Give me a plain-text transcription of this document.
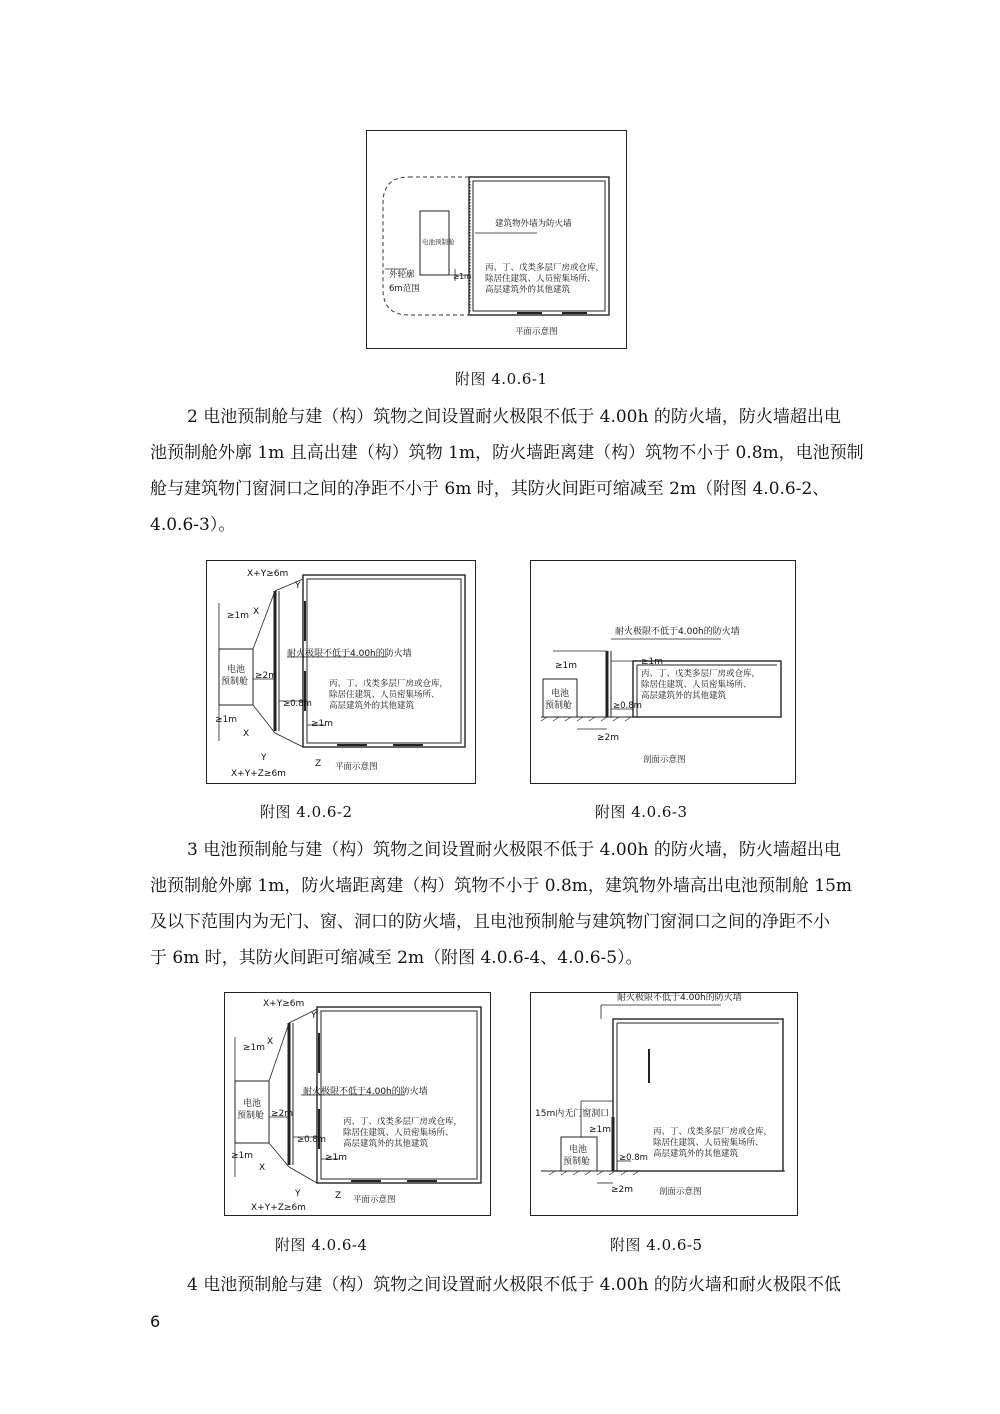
建筑物外墙为防火墙
丙、丁、戊类多层厂房或仓库，
除居住建筑、人员密集场所、
高层建筑外的其他建筑
电池预制舱
外轮廓
6m范围
≥1m
平面示意图
附图 4.0.6-1

2 电池预制舱与建（构）筑物之间设置耐火极限不低于 4.00h 的防火墙，防火墙超出电
池预制舱外廓 1m 且高出建（构）筑物 1m，防火墙距离建（构）筑物不小于 0.8m，电池预制
舱与建筑物门窗洞口之间的净距不小于 6m 时，其防火间距可缩减至 2m（附图 4.0.6-2、
4.0.6-3）。

X+Y≥6m
Y
X
≥1m
电池
预制舱
≥2m
耐火极限不低于4.00h的防火墙
丙、丁、戊类多层厂房或仓库，
除居住建筑、人员密集场所、
高层建筑外的其他建筑
≥0.8m
≥1m
≥1m
X
Y
Z 平面示意图
X+Y+Z≥6m
附图 4.0.6-2
耐火极限不低于4.00h的防火墙
≥1m	≥1m
丙、丁、戊类多层厂房或仓库，
除居住建筑、人员密集场所、
高层建筑外的其他建筑
电池
预制舱	≥0.8m
≥2m
剖面示意图
附图 4.0.6-3

3 电池预制舱与建（构）筑物之间设置耐火极限不低于 4.00h 的防火墙，防火墙超出电
池预制舱外廓 1m，防火墙距离建（构）筑物不小于 0.8m，建筑物外墙高出电池预制舱 15m
及以下范围内为无门、窗、洞口的防火墙，且电池预制舱与建筑物门窗洞口之间的净距不小
于 6m 时，其防火间距可缩减至 2m（附图 4.0.6-4、4.0.6-5）。

X+Y≥6m
Y
X
≥1m
电池
预制舱 ≥2m
耐火极限不低于4.00h的防火墙
丙、丁、戊类多层厂房或仓库，
除居住建筑、人员密集场所、
高层建筑外的其他建筑
≥0.8m
≥1m
≥1m
X
Y	Z 平面示意图
X+Y+Z≥6m
附图 4.0.6-4
耐火极限不低于4.00h的防火墙
15m内无门窗洞口
≥1m	丙、丁、戊类多层厂房或仓库，
除居住建筑、人员密集场所、
高层建筑外的其他建筑
电池
预制舱	≥0.8m
≥2m	剖面示意图
附图 4.0.6-5

4 电池预制舱与建（构）筑物之间设置耐火极限不低于 4.00h 的防火墙和耐火极限不低

6
